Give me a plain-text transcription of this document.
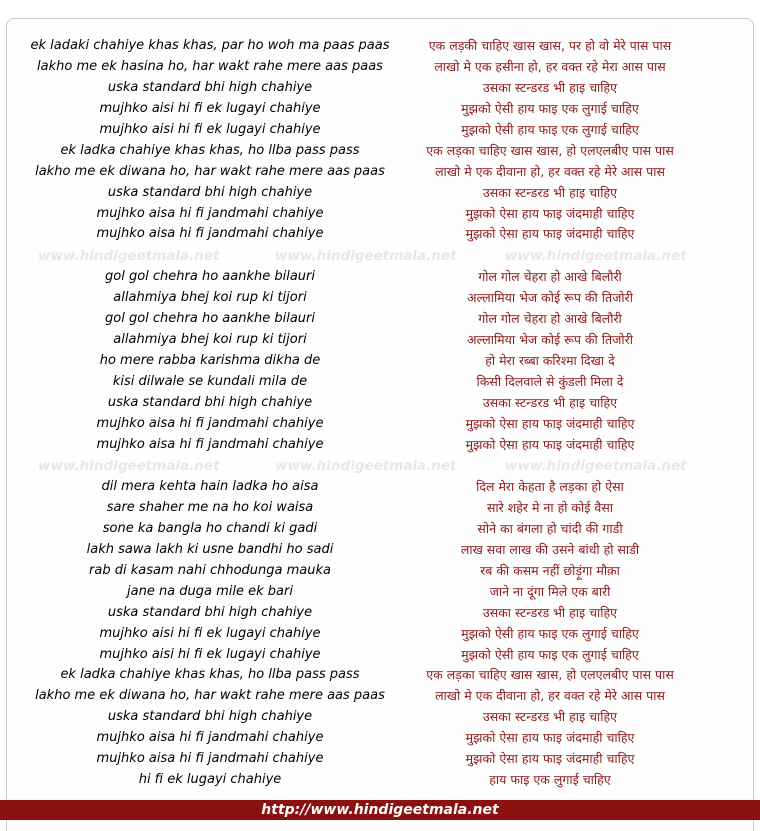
www.hindigeetmala.net	www.hindigeetmala.net	www.hindigeetmala.net
www.hindigeetmala.net	www.hindigeetmala.net	www.hindigeetmala.net
ek ladaki chahiye khas khas, par ho woh ma paas paas	एक लड़की चाहिए खास खास, पर हो वो मेरे पास पास
lakho me ek hasina ho, har wakt rahe mere aas paas	लाखो मे एक हसीना हो, हर वक्त रहे मेरा आस पास
uska standard bhi high chahiye	उसका स्टन्डरड भी हाइ चाहिए
mujhko aisi hi fi ek lugayi chahiye	मुझको ऐसी हाय फाइ एक लुगाई चाहिए
mujhko aisi hi fi ek lugayi chahiye	मुझको ऐसी हाय फाइ एक लुगाई चाहिए
ek ladka chahiye khas khas, ho llba pass pass	एक लड़का चाहिए खास खास, हो एलएलबीए पास पास
lakho me ek diwana ho, har wakt rahe mere aas paas	लाखो मे एक दीवाना हो, हर वक्त रहे मेरे आस पास
uska standard bhi high chahiye	उसका स्टन्डरड भी हाइ चाहिए
mujhko aisa hi fi jandmahi chahiye	मुझको ऐसा हाय फाइ जंदमाही चाहिए
mujhko aisa hi fi jandmahi chahiye	मुझको ऐसा हाय फाइ जंदमाही चाहिए
gol gol chehra ho aankhe bilauri	गोल गोल चेहरा हो आखे बिलौरी
allahmiya bhej koi rup ki tijori	अल्लामिया भेज कोई रूप की तिजोरी
gol gol chehra ho aankhe bilauri	गोल गोल चेहरा हो आखे बिलौरी
allahmiya bhej koi rup ki tijori	अल्लामिया भेज कोई रूप की तिजोरी
ho mere rabba karishma dikha de	हो मेरा रब्बा करिश्मा दिखा दे
kisi dilwale se kundali mila de	किसी दिलवाले से कुंडली मिला दे
uska standard bhi high chahiye	उसका स्टन्डरड भी हाइ चाहिए
mujhko aisa hi fi jandmahi chahiye	मुझको ऐसा हाय फाइ जंदमाही चाहिए
mujhko aisa hi fi jandmahi chahiye	मुझको ऐसा हाय फाइ जंदमाही चाहिए
dil mera kehta hain ladka ho aisa	दिल मेरा केहता है लड़का हो ऐसा
sare shaher me na ho koi waisa	सारे शहेर मे ना हो कोई वैसा
sone ka bangla ho chandi ki gadi	सोने का बंगला हो चांदी की गाडी
lakh sawa lakh ki usne bandhi ho sadi	लाख सवा लाख की उसने बांधी हो साडी
rab di kasam nahi chhodunga mauka	रब की कसम नहीं छोड़ूंगा मौक़ा
jane na duga mile ek bari	जाने ना दूंगा मिले एक बारी
uska standard bhi high chahiye	उसका स्टन्डरड भी हाइ चाहिए
mujhko aisi hi fi ek lugayi chahiye	मुझको ऐसी हाय फाइ एक लुगाई चाहिए
mujhko aisi hi fi ek lugayi chahiye	मुझको ऐसी हाय फाइ एक लुगाई चाहिए
ek ladka chahiye khas khas, ho llba pass pass	एक लड़का चाहिए खास खास, हो एलएलबीए पास पास
lakho me ek diwana ho, har wakt rahe mere aas paas	लाखो मे एक दीवाना हो, हर वक्त रहे मेरे आस पास
uska standard bhi high chahiye	उसका स्टन्डरड भी हाइ चाहिए
mujhko aisa hi fi jandmahi chahiye	मुझको ऐसा हाय फाइ जंदमाही चाहिए
mujhko aisa hi fi jandmahi chahiye	मुझको ऐसा हाय फाइ जंदमाही चाहिए
hi fi ek lugayi chahiye	हाय फाइ एक लुगाई चाहिए
http://www.hindigeetmala.net
